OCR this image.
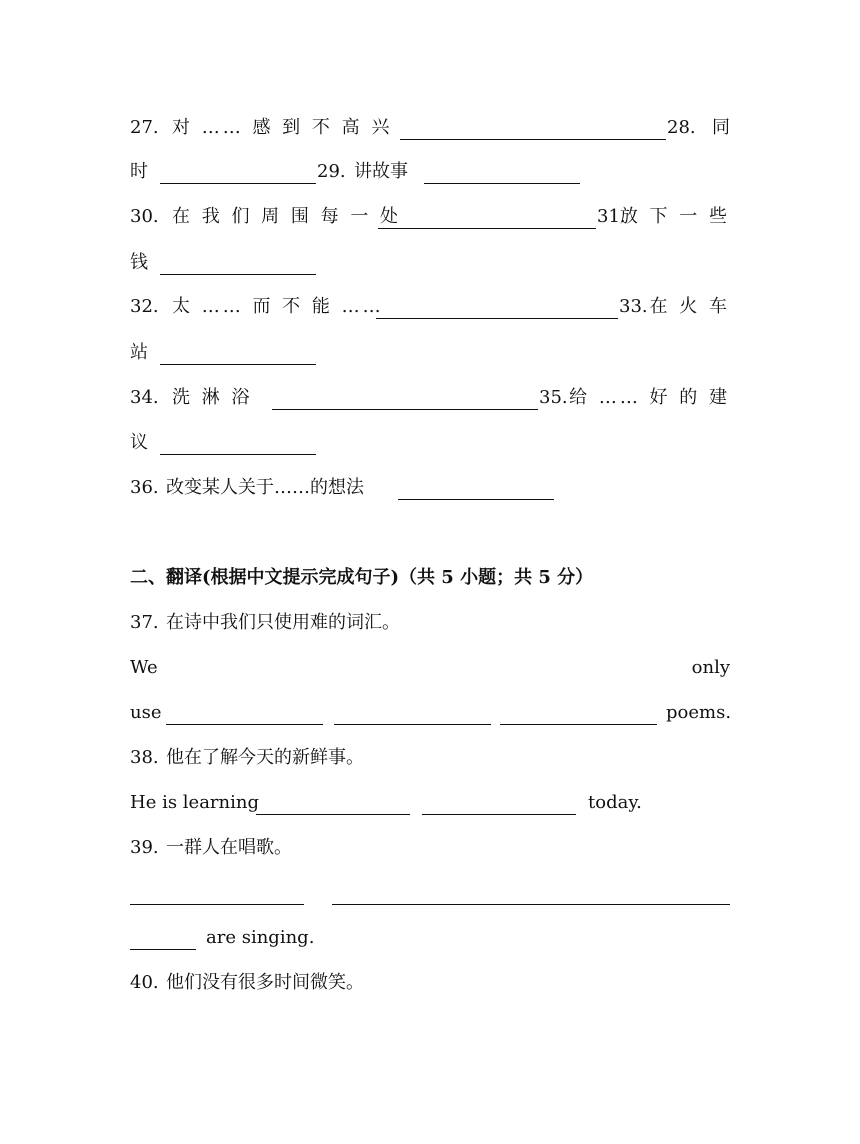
27. 对 …… 感 到 不 高 兴	28. 同
时	29. 讲故事
30. 在 我 们 周 围 每 一 处	31.
放 下 一 些
钱
32. 太 …… 而 不 能 ……	33. 在 火 车
站
34. 洗 淋 浴	35. 给 …… 好 的 建
议
36. 改变某人关于……的想法
二、翻译(根据中文提示完成句子)（共 5 小题；共 5 分）
37. 在诗中我们只使用难的词汇。
We	only
use	poems.
38. 他在了解今天的新鲜事。
He is learning	today.
39. 一群人在唱歌。
are singing.
40. 他们没有很多时间微笑。
